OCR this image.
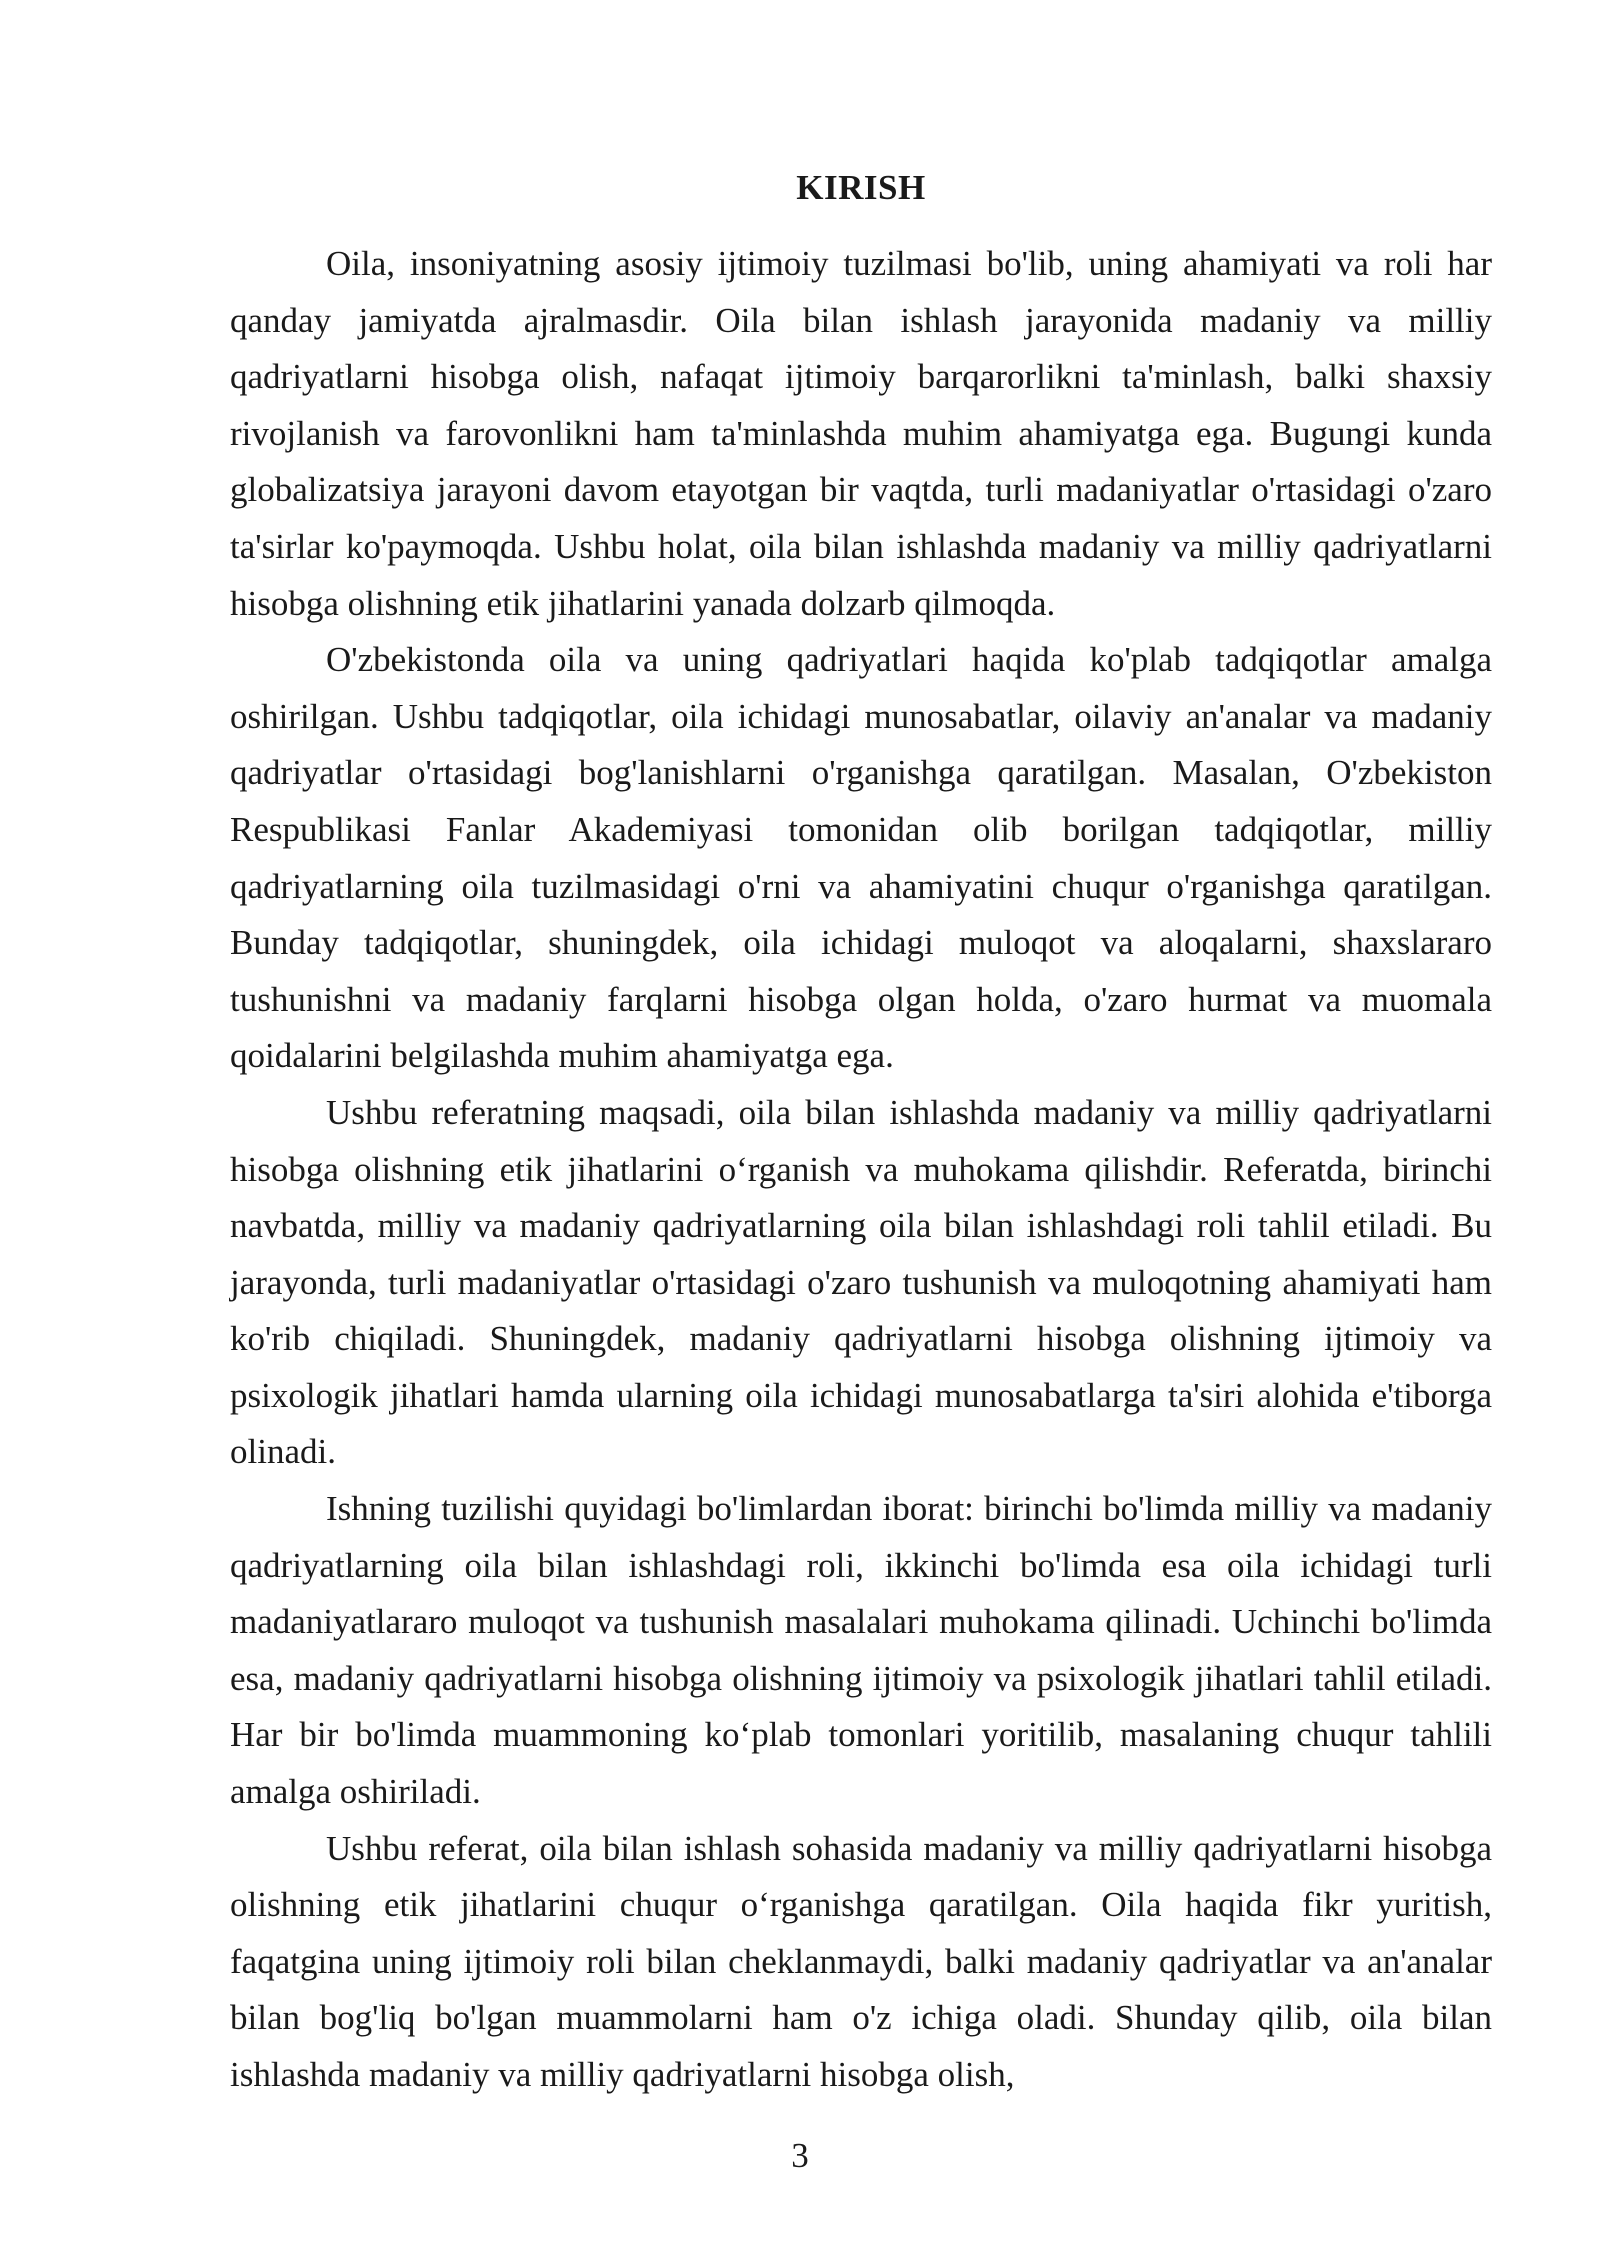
KIRISH

Oila, insoniyatning asosiy ijtimoiy tuzilmasi bo'lib, uning ahamiyati va roli har qanday jamiyatda ajralmasdir. Oila bilan ishlash jarayonida madaniy va milliy qadriyatlarni hisobga olish, nafaqat ijtimoiy barqarorlikni ta'minlash, balki shaxsiy rivojlanish va farovonlikni ham ta'minlashda muhim ahamiyatga ega. Bugungi kunda globalizatsiya jarayoni davom etayotgan bir vaqtda, turli madaniyatlar o'rtasidagi o'zaro ta'sirlar ko'paymoqda. Ushbu holat, oila bilan ishlashda madaniy va milliy qadriyatlarni hisobga olishning etik jihatlarini yanada dolzarb qilmoqda.

O'zbekistonda oila va uning qadriyatlari haqida ko'plab tadqiqotlar amalga oshirilgan. Ushbu tadqiqotlar, oila ichidagi munosabatlar, oilaviy an'analar va madaniy qadriyatlar o'rtasidagi bog'lanishlarni o'rganishga qaratilgan. Masalan, O'zbekiston Respublikasi Fanlar Akademiyasi tomonidan olib borilgan tadqiqotlar, milliy qadriyatlarning oila tuzilmasidagi o'rni va ahamiyatini chuqur o'rganishga qaratilgan. Bunday tadqiqotlar, shuningdek, oila ichidagi muloqot va aloqalarni, shaxslararo tushunishni va madaniy farqlarni hisobga olgan holda, o'zaro hurmat va muomala qoidalarini belgilashda muhim ahamiyatga ega.

Ushbu referatning maqsadi, oila bilan ishlashda madaniy va milliy qadriyatlarni hisobga olishning etik jihatlarini o‘rganish va muhokama qilishdir. Referatda, birinchi navbatda, milliy va madaniy qadriyatlarning oila bilan ishlashdagi roli tahlil etiladi. Bu jarayonda, turli madaniyatlar o'rtasidagi o'zaro tushunish va muloqotning ahamiyati ham ko'rib chiqiladi. Shuningdek, madaniy qadriyatlarni hisobga olishning ijtimoiy va psixologik jihatlari hamda ularning oila ichidagi munosabatlarga ta'siri alohida e'tiborga olinadi.

Ishning tuzilishi quyidagi bo'limlardan iborat: birinchi bo'limda milliy va madaniy qadriyatlarning oila bilan ishlashdagi roli, ikkinchi bo'limda esa oila ichidagi turli madaniyatlararo muloqot va tushunish masalalari muhokama qilinadi. Uchinchi bo'limda esa, madaniy qadriyatlarni hisobga olishning ijtimoiy va psixologik jihatlari tahlil etiladi. Har bir bo'limda muammoning ko‘plab tomonlari yoritilib, masalaning chuqur tahlili amalga oshiriladi.

Ushbu referat, oila bilan ishlash sohasida madaniy va milliy qadriyatlarni hisobga olishning etik jihatlarini chuqur o‘rganishga qaratilgan. Oila haqida fikr yuritish, faqatgina uning ijtimoiy roli bilan cheklanmaydi, balki madaniy qadriyatlar va an'analar bilan bog'liq bo'lgan muammolarni ham o'z ichiga oladi. Shunday qilib, oila bilan ishlashda madaniy va milliy qadriyatlarni hisobga olish,

3
